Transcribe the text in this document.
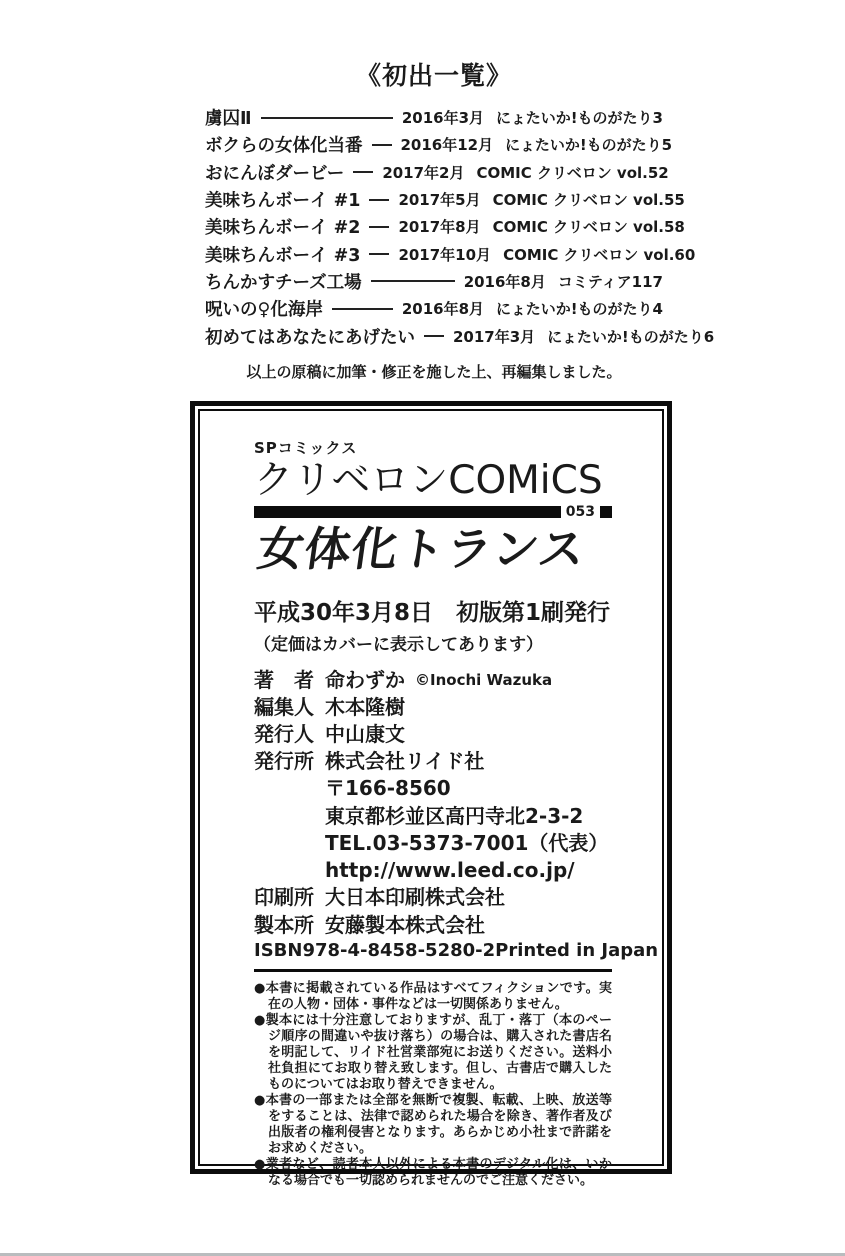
《初出一覧》
虜囚Ⅱ	2016年3月 にょたいか!ものがたり3
ボクらの女体化当番	2016年12月 にょたいか!ものがたり5
おにんぼダービー	2017年2月 COMIC クリベロン vol.52
美味ちんボーイ #1	2017年5月 COMIC クリベロン vol.55
美味ちんボーイ #2	2017年8月 COMIC クリベロン vol.58
美味ちんボーイ #3	2017年10月 COMIC クリベロン vol.60
ちんかすチーズ工場	2016年8月 コミティア117
呪いの♀化海岸	2016年8月 にょたいか!ものがたり4
初めてはあなたにあげたい	2017年3月 にょたいか!ものがたり6
以上の原稿に加筆・修正を施した上、再編集しました。
SPコミックス
クリベロンCOMiCS
053
女体化トランス
平成30年3月8日　初版第1刷発行
（定価はカバーに表示してあります）
著　者 命わずか ©Inochi Wazuka
編集人 木本隆樹
発行人 中山康文
発行所 株式会社リイド社
〒166-8560
東京都杉並区高円寺北2-3-2
TEL.03-5373-7001（代表）
http://www.leed.co.jp/
印刷所 大日本印刷株式会社
製本所 安藤製本株式会社
ISBN978-4-8458-5280-2 Printed in Japan
●本書に掲載されている作品はすべてフィクションです。実在の人物・団体・事件などは一切関係ありません。
●製本には十分注意しておりますが、乱丁・落丁（本のページ順序の間違いや抜け落ち）の場合は、購入された書店名を明記して、リイド社営業部宛にお送りください。送料小社負担にてお取り替え致します。但し、古書店で購入したものについてはお取り替えできません。
●本書の一部または全部を無断で複製、転載、上映、放送等をすることは、法律で認められた場合を除き、著作者及び出版者の権利侵害となります。あらかじめ小社まで許諾をお求めください。
●業者など、読者本人以外による本書のデジタル化は、いかなる場合でも一切認められませんのでご注意ください。
